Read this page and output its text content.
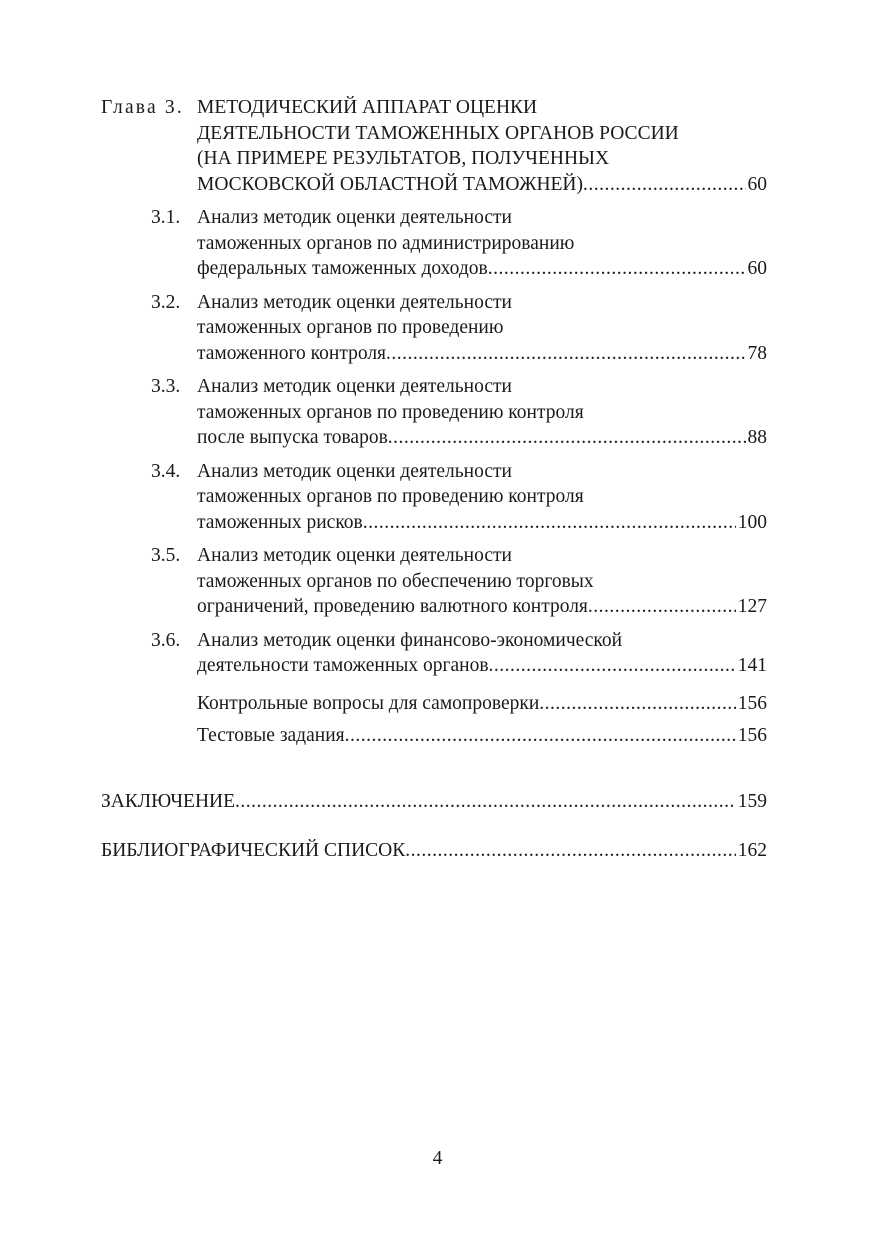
Глава 3. МЕТОДИЧЕСКИЙ АППАРАТ ОЦЕНКИ
ДЕЯТЕЛЬНОСТИ ТАМОЖЕННЫХ ОРГАНОВ РОССИИ
(НА ПРИМЕРЕ РЕЗУЛЬТАТОВ, ПОЛУЧЕННЫХ
МОСКОВСКОЙ ОБЛАСТНОЙ ТАМОЖНЕЙ) .....	60
3.1. Анализ методик оценки деятельности
таможенных органов по администрированию
федеральных таможенных доходов .....	60
3.2. Анализ методик оценки деятельности
таможенных органов по проведению
таможенного контроля .....	78
3.3. Анализ методик оценки деятельности
таможенных органов по проведению контроля
после выпуска товаров .....	88
3.4. Анализ методик оценки деятельности
таможенных органов по проведению контроля
таможенных рисков .....	100
3.5. Анализ методик оценки деятельности
таможенных органов по обеспечению торговых
ограничений, проведению валютного контроля .....	127
3.6. Анализ методик оценки финансово-экономической
деятельности таможенных органов .....	141
Контрольные вопросы для самопроверки .....	156
Тестовые задания .....	156
ЗАКЛЮЧЕНИЕ .....	159
БИБЛИОГРАФИЧЕСКИЙ СПИСОК .....	162
4
